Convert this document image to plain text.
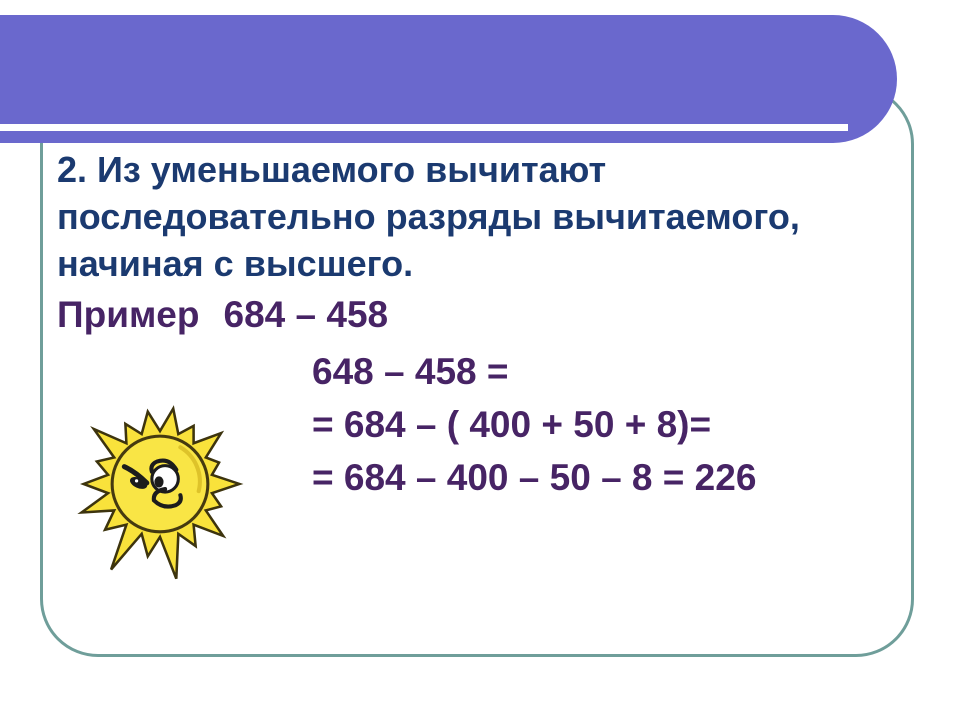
2. Из уменьшаемого вычитают
последовательно разряды вычитаемого,
начиная с высшего.
Пример 684 – 458
648 – 458 =
= 684 – ( 400 + 50 + 8)=
= 684 – 400 – 50 – 8 = 226
